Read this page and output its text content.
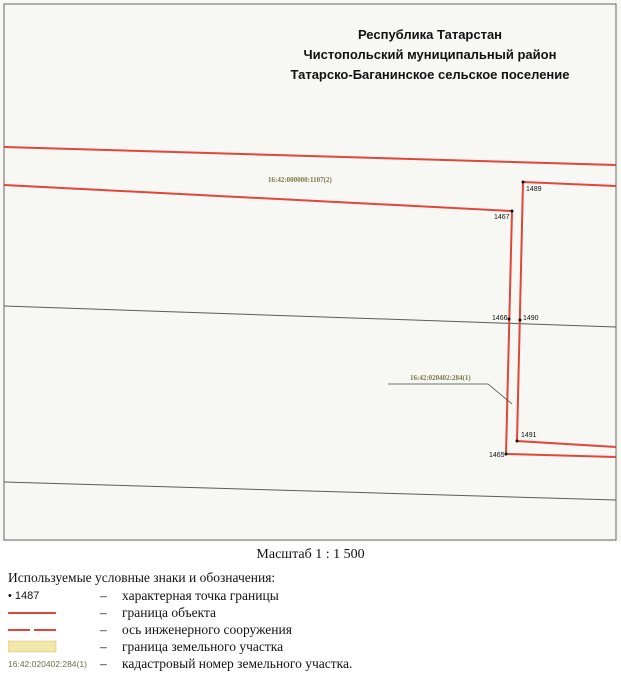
1467
1466
1465
1489
1490
1491
16:42:000000:1107(2)
16:42:020402:284(1)
Республика Татарстан
Чистопольский муниципальный район
Татарско-Баганинское сельское поселение
Масштаб 1 : 1 500
Используемые условные знаки и обозначения:
• 1487	– характерная точка границы
– граница объекта
– ось инженерного сооружения
– граница земельного участка
16:42:020402:284(1) – кадастровый номер земельного участка.
